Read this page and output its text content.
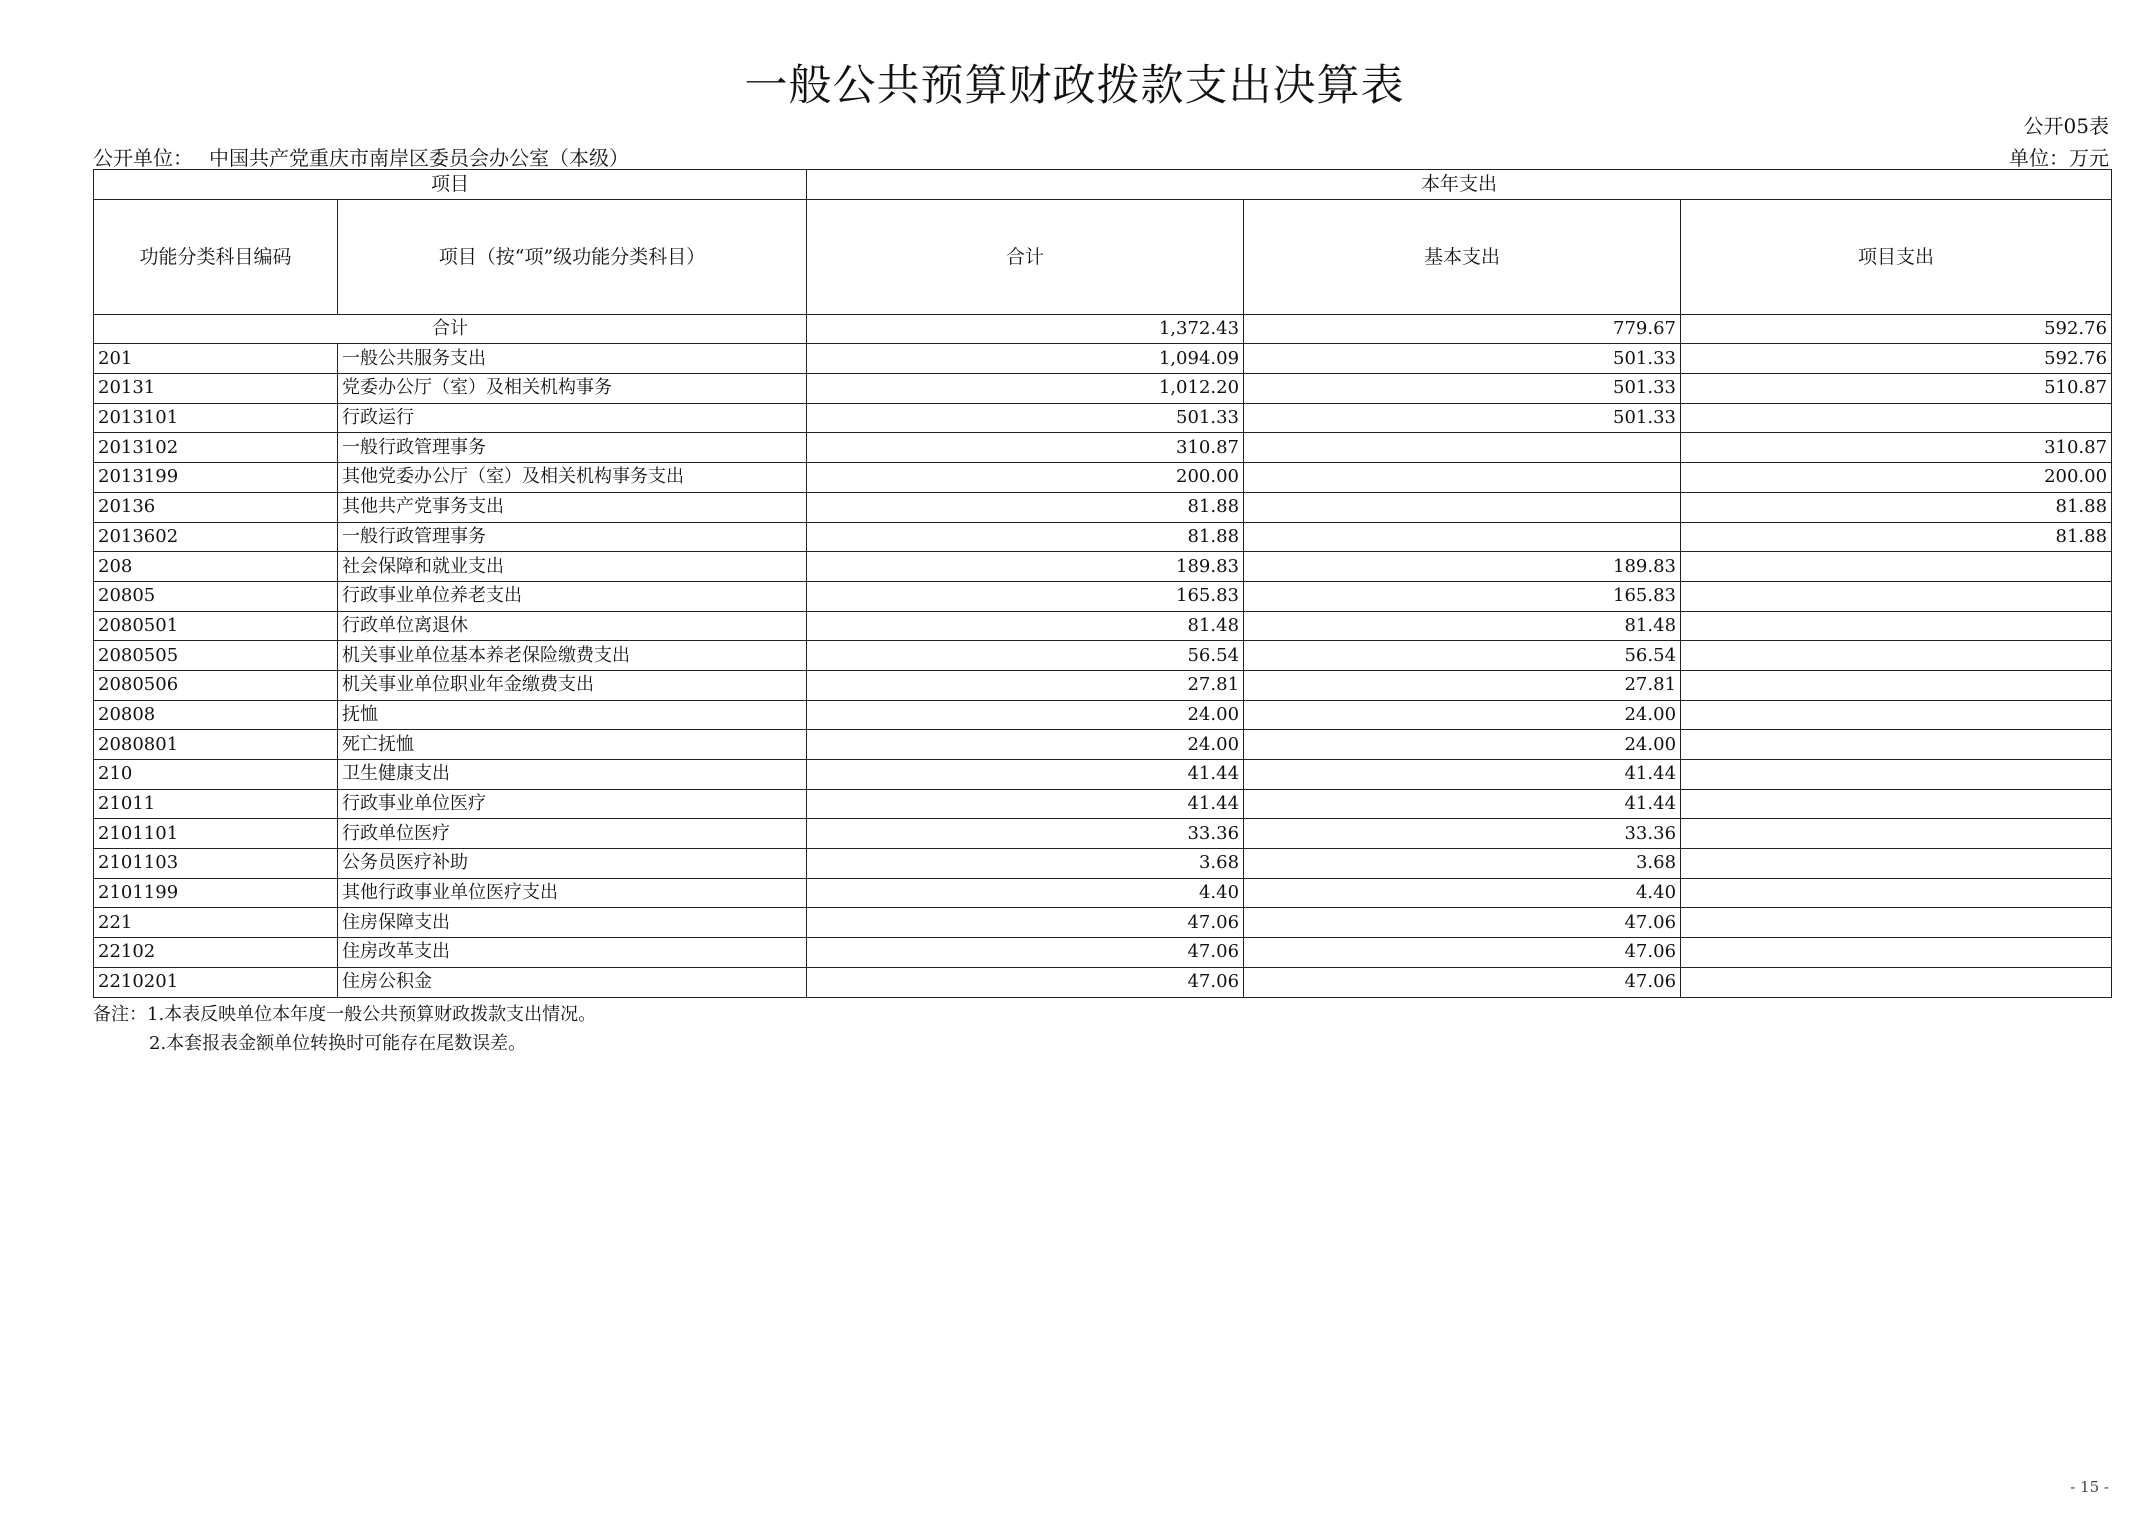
一般公共预算财政拨款支出决算表
公开05表
公开单位： 中国共产党重庆市南岸区委员会办公室（本级）	单位：万元
项目		本年支出		
功能分类科目编码	项目（按“项”级功能分类科目）	合计	基本支出	项目支出
合计		1,372.43	779.67	592.76
201	一般公共服务支出	1,094.09	501.33	592.76
20131	党委办公厅（室）及相关机构事务	1,012.20	501.33	510.87
2013101	行政运行	501.33	501.33	
2013102	一般行政管理事务	310.87		310.87
2013199	其他党委办公厅（室）及相关机构事务支出	200.00		200.00
20136	其他共产党事务支出	81.88		81.88
2013602	一般行政管理事务	81.88		81.88
208	社会保障和就业支出	189.83	189.83	
20805	行政事业单位养老支出	165.83	165.83	
2080501	行政单位离退休	81.48	81.48	
2080505	机关事业单位基本养老保险缴费支出	56.54	56.54	
2080506	机关事业单位职业年金缴费支出	27.81	27.81	
20808	抚恤	24.00	24.00	
2080801	死亡抚恤	24.00	24.00	
210	卫生健康支出	41.44	41.44	
21011	行政事业单位医疗	41.44	41.44	
2101101	行政单位医疗	33.36	33.36	
2101103	公务员医疗补助	3.68	3.68	
2101199	其他行政事业单位医疗支出	4.40	4.40	
221	住房保障支出	47.06	47.06	
22102	住房改革支出	47.06	47.06	
2210201	住房公积金	47.06	47.06	
备注：1.本表反映单位本年度一般公共预算财政拨款支出情况。
2.本套报表金额单位转换时可能存在尾数误差。
- 15 -
